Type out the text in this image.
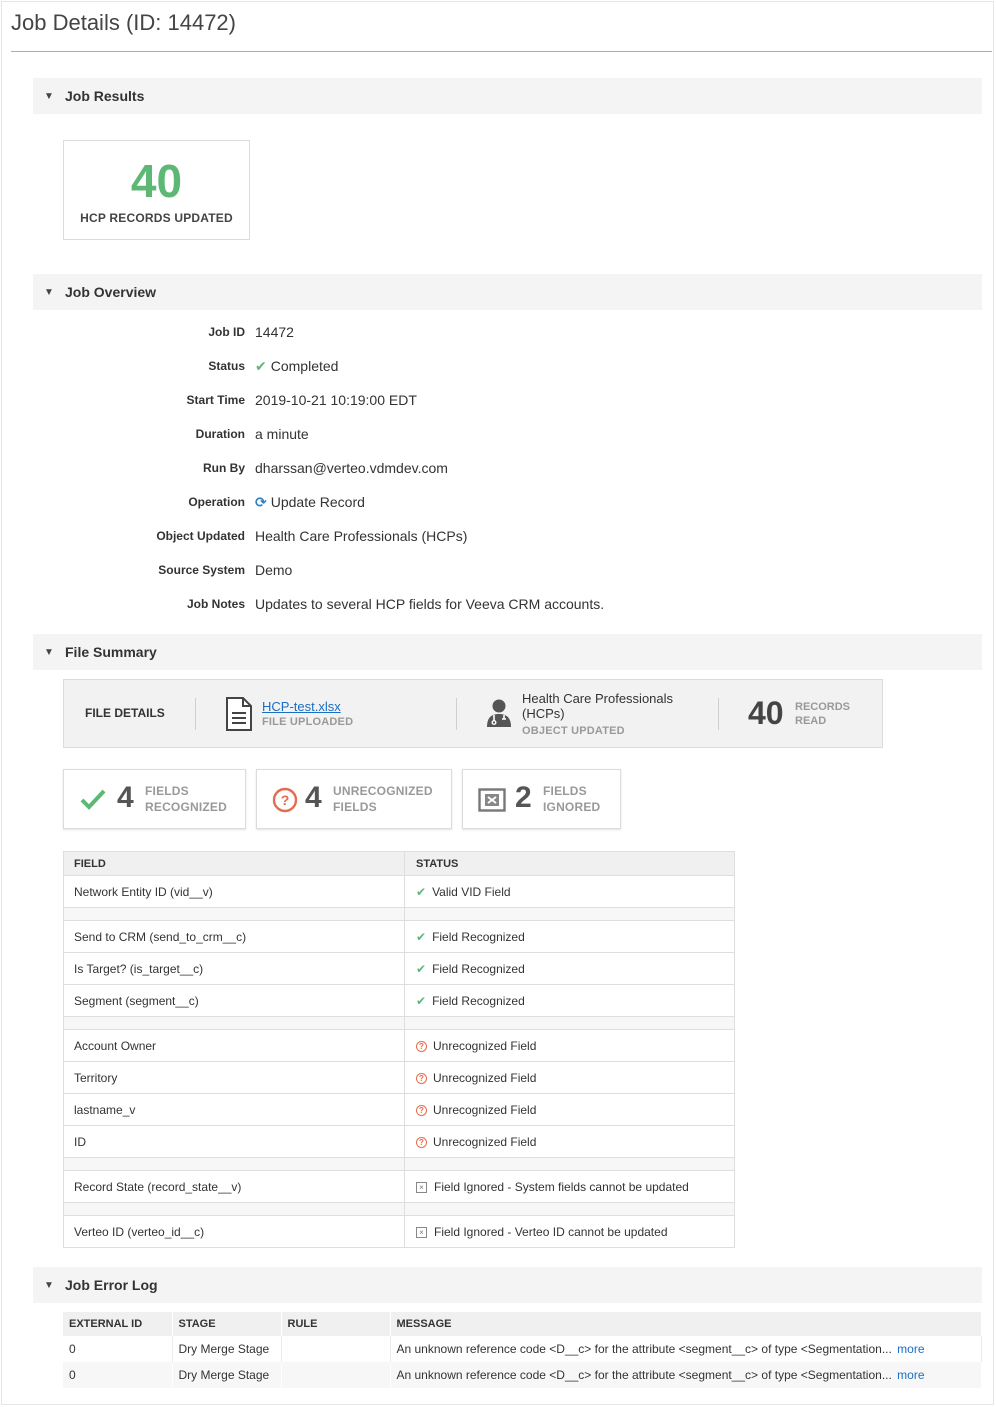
Job Details (ID: 14472)
▼ Job Results
40
HCP RECORDS UPDATED
▼ Job Overview
Job ID 14472
Status ✔ Completed
Start Time 2019-10-21 10:19:00 EDT
Duration a minute
Run By dharssan@verteo.vdmdev.com
Operation ⟳ Update Record
Object Updated Health Care Professionals (HCPs)
Source System Demo
Job Notes Updates to several HCP fields for Veeva CRM accounts.
▼ File Summary
FILE DETAILS	HCP-test.xlsx
FILE UPLOADED
Health Care Professionals (HCPs)
OBJECT UPDATED	40 RECORDS
READ
4 FIELDS
RECOGNIZED	? 4 UNRECOGNIZED
FIELDS	2 FIELDS
IGNORED
FIELD	STATUS
Network Entity ID (vid__v)	✔ Valid VID Field

Send to CRM (send_to_crm__c)	✔ Field Recognized

Is Target? (is_target__c)	✔ Field Recognized

Segment (segment__c)	✔ Field Recognized

Account Owner	? Unrecognized Field

Territory	? Unrecognized Field

lastname_v	? Unrecognized Field

ID	? Unrecognized Field

Record State (record_state__v)	× Field Ignored - System fields cannot be updated

Verteo ID (verteo_id__c)	× Field Ignored - Verteo ID cannot be updated
▼ Job Error Log
EXTERNAL ID	STAGE	RULE	MESSAGE
0	Dry Merge Stage		An unknown reference code <D__c> for the attribute <segment__c> of type <Segmentation... more
0	Dry Merge Stage		An unknown reference code <D__c> for the attribute <segment__c> of type <Segmentation... more
